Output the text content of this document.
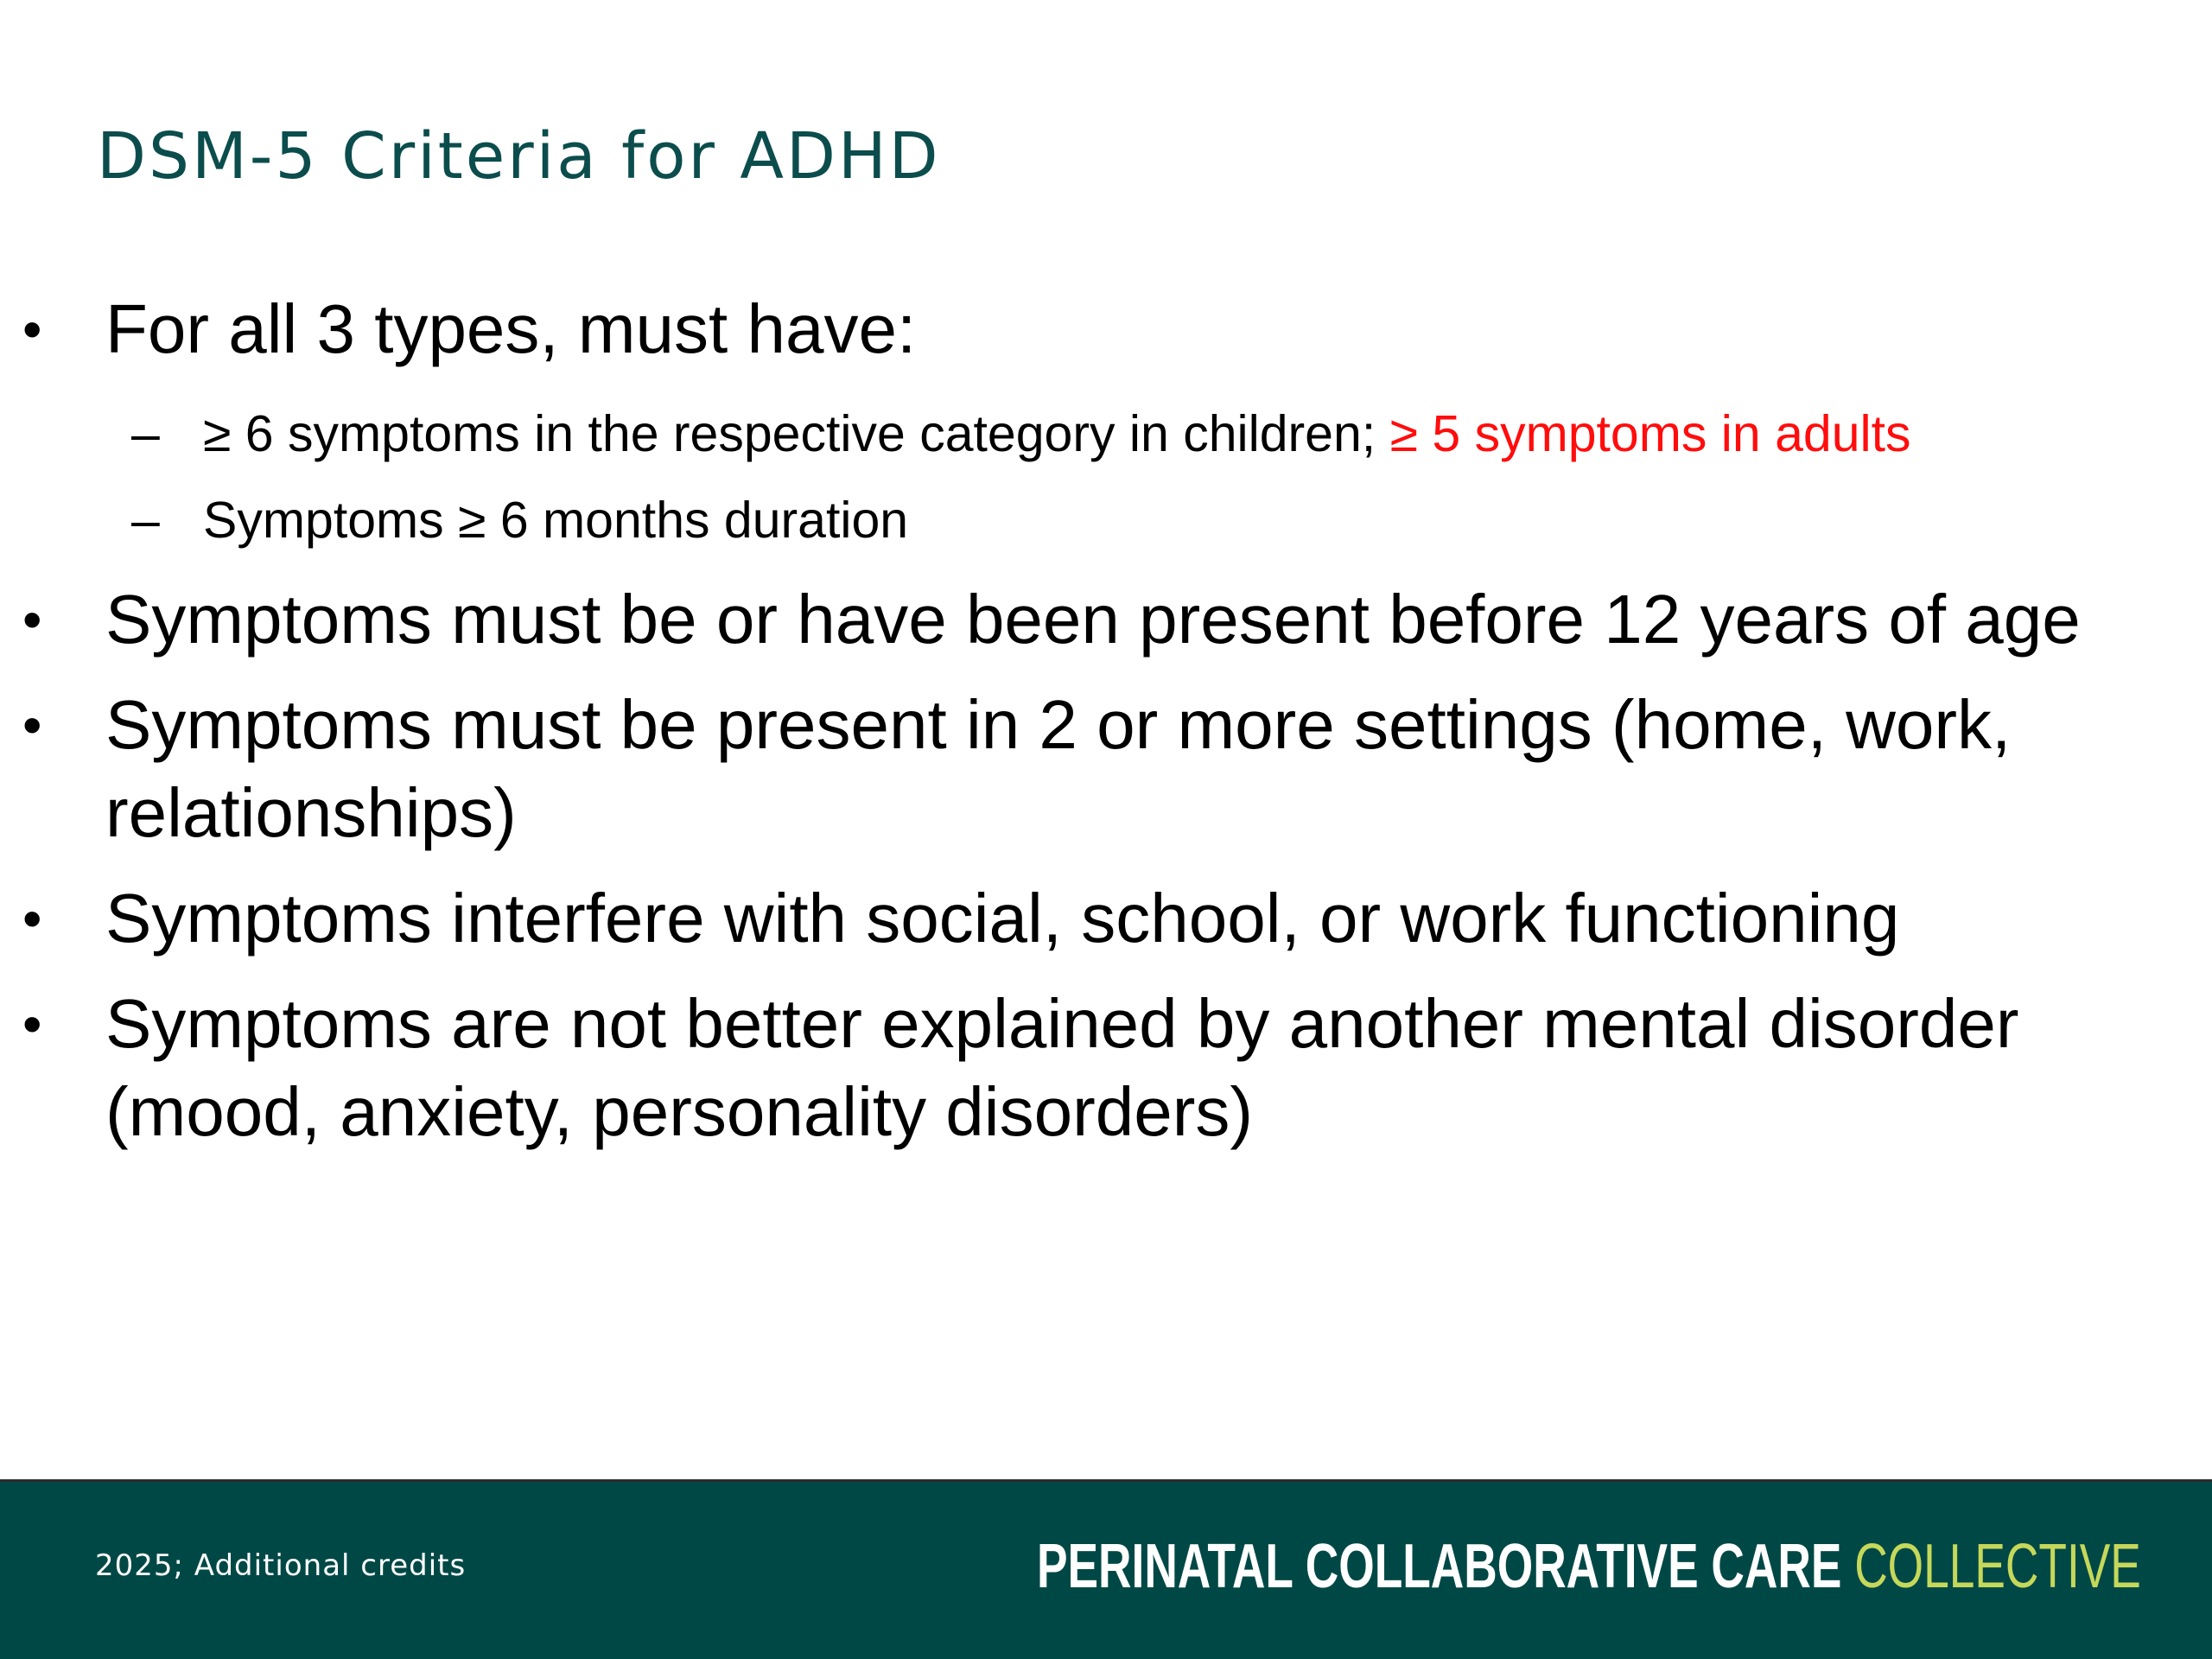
DSM-5 Criteria for ADHD
• For all 3 types, must have:
– ≥ 6 symptoms in the respective category in children; ≥ 5 symptoms in adults
– Symptoms ≥ 6 months duration
• Symptoms must be or have been present before 12 years of age
• Symptoms must be present in 2 or more settings (home, work, relationships)
• Symptoms interfere with social, school, or work functioning
• Symptoms are not better explained by another mental disorder (mood, anxiety, personality disorders)
2025; Additional credits	PERINATAL COLLABORATIVE CARE COLLECTIVE
